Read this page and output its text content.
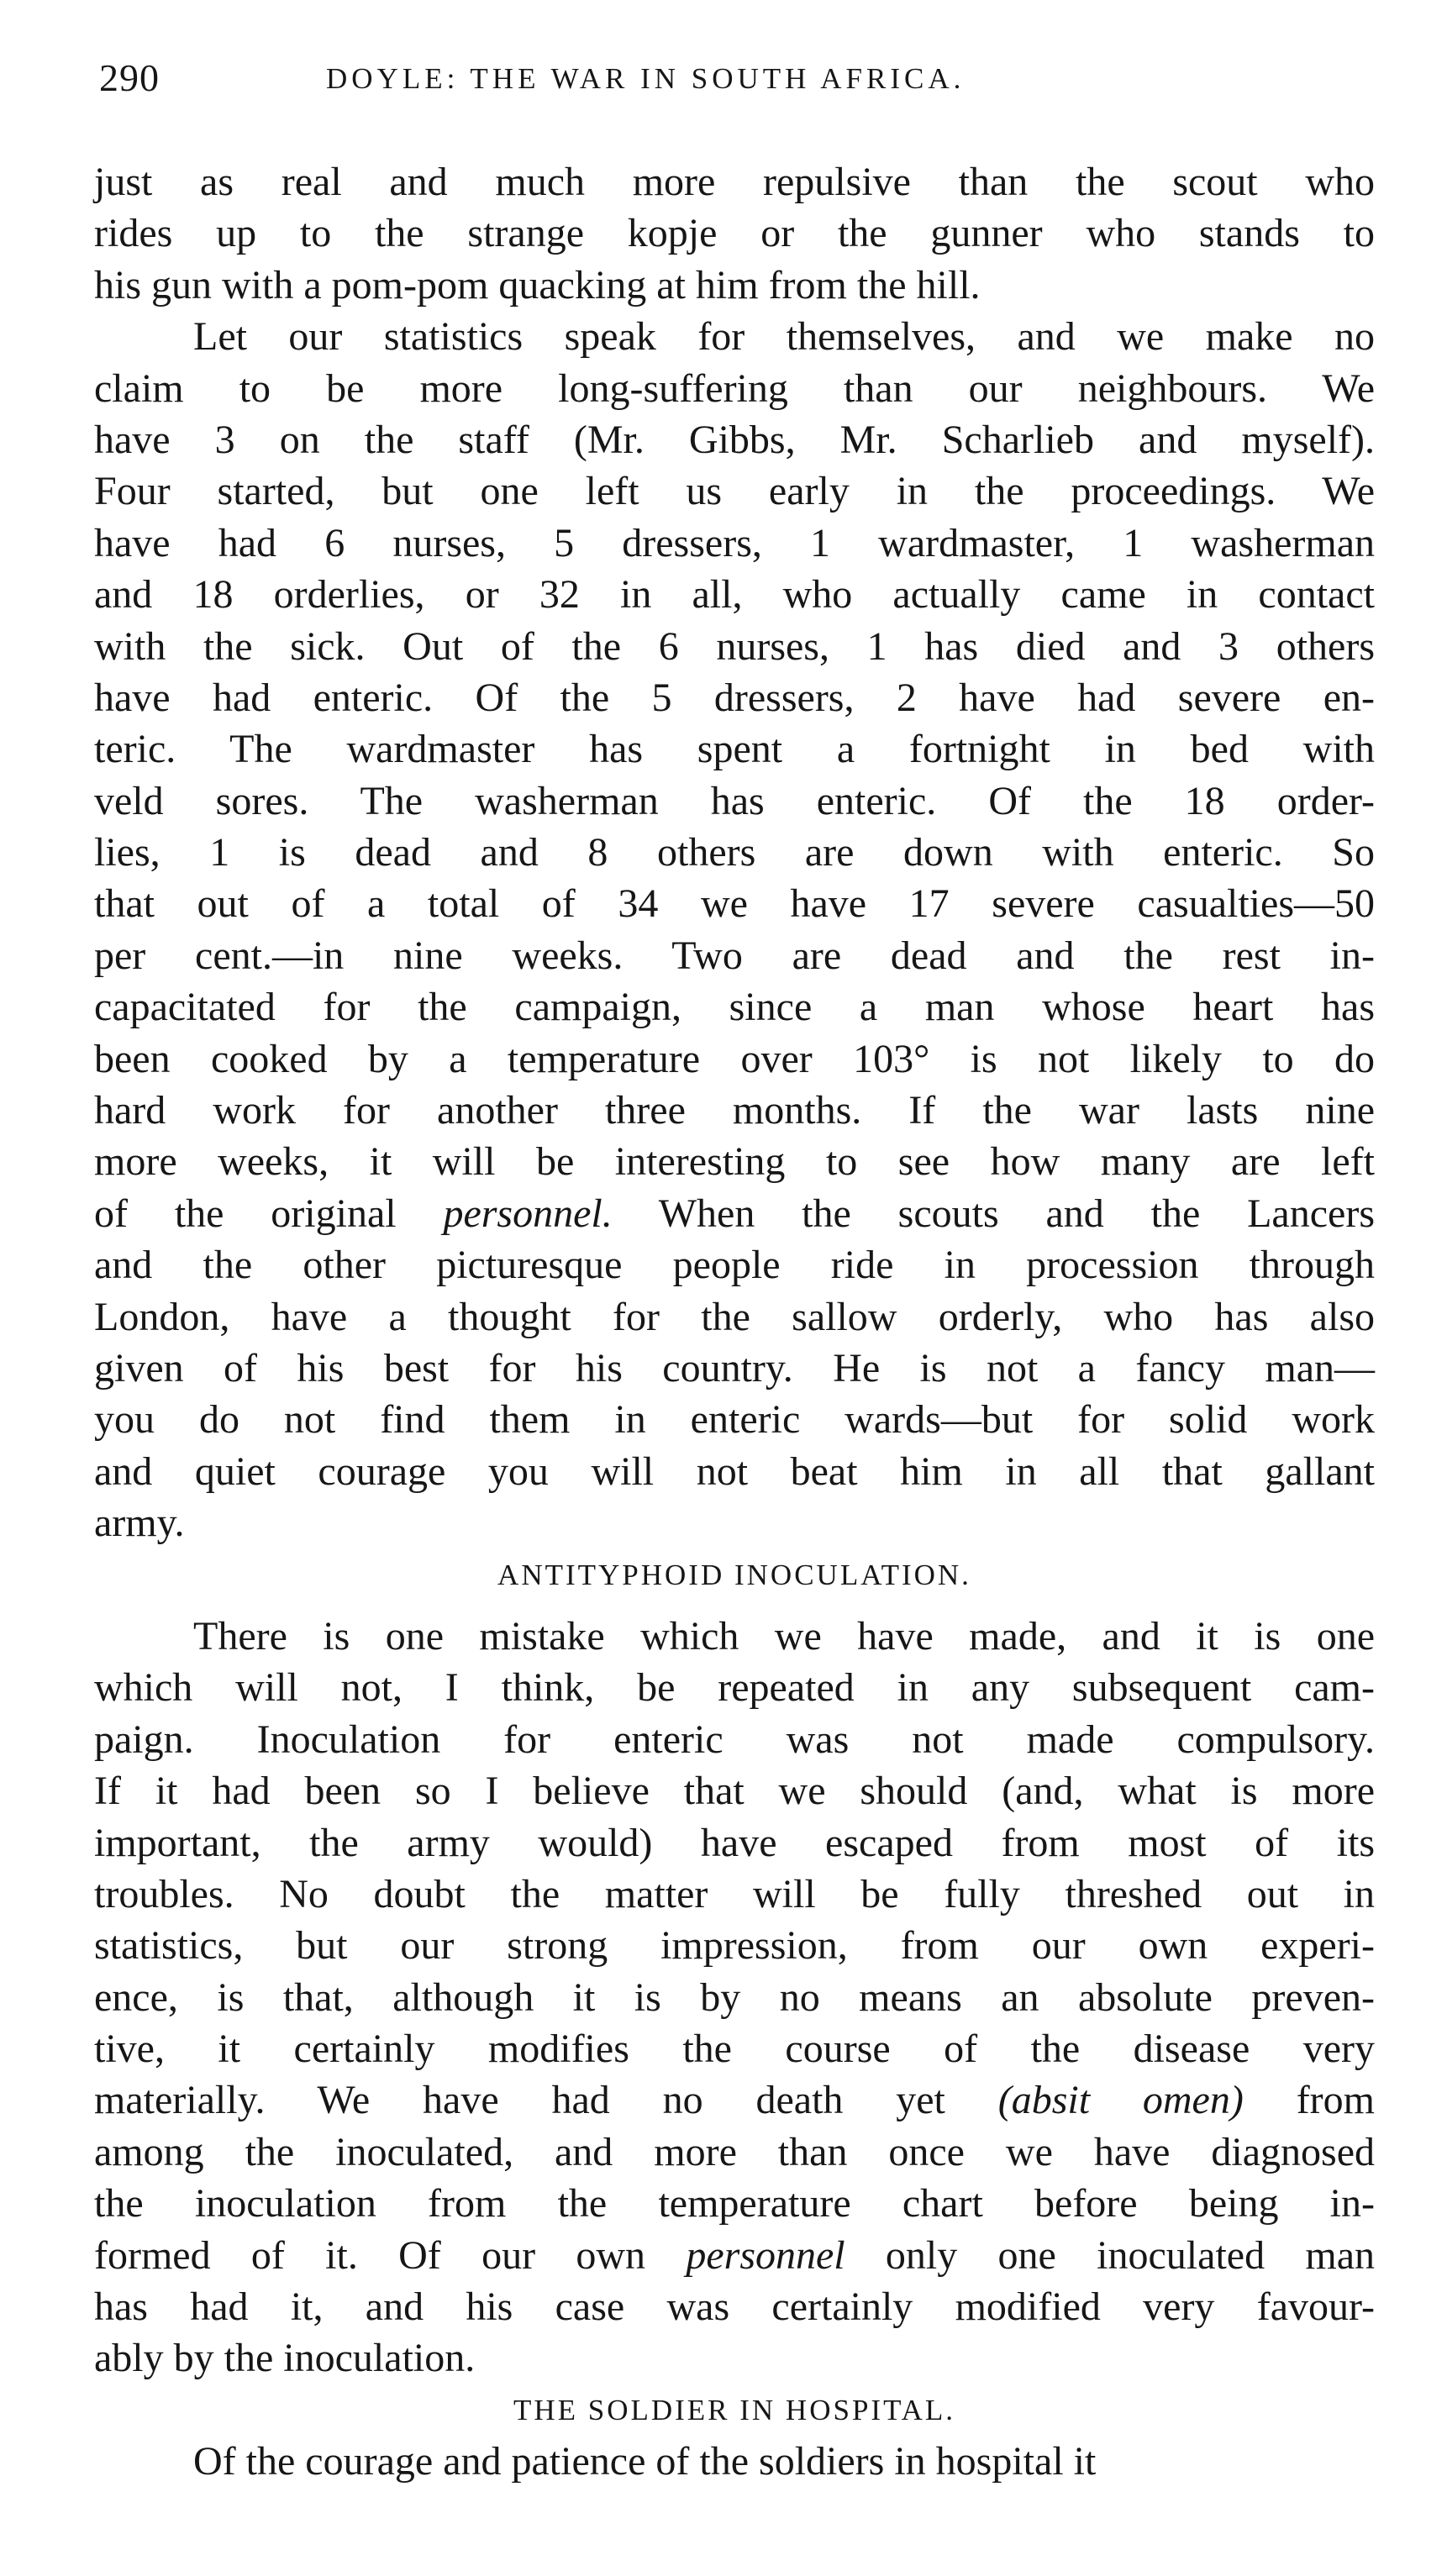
290	DOYLE: THE WAR IN SOUTH AFRICA.
just as real and much more repulsive than the scout who
rides up to the strange kopje or the gunner who stands to
his gun with a pom-pom quacking at him from the hill.
Let our statistics speak for themselves, and we make no
claim to be more long-suffering than our neighbours. We
have 3 on the staff (Mr. Gibbs, Mr. Scharlieb and myself).
Four started, but one left us early in the proceedings. We
have had 6 nurses, 5 dressers, 1 wardmaster, 1 washerman
and 18 orderlies, or 32 in all, who actually came in contact
with the sick. Out of the 6 nurses, 1 has died and 3 others
have had enteric. Of the 5 dressers, 2 have had severe en-
teric. The wardmaster has spent a fortnight in bed with
veld sores. The washerman has enteric. Of the 18 order-
lies, 1 is dead and 8 others are down with enteric. So
that out of a total of 34 we have 17 severe casualties—50
per cent.—in nine weeks. Two are dead and the rest in-
capacitated for the campaign, since a man whose heart has
been cooked by a temperature over 103° is not likely to do
hard work for another three months. If the war lasts nine
more weeks, it will be interesting to see how many are left
of the original personnel. When the scouts and the Lancers
and the other picturesque people ride in procession through
London, have a thought for the sallow orderly, who has also
given of his best for his country. He is not a fancy man—
you do not find them in enteric wards—but for solid work
and quiet courage you will not beat him in all that gallant
army.
ANTITYPHOID INOCULATION.
There is one mistake which we have made, and it is one
which will not, I think, be repeated in any subsequent cam-
paign. Inoculation for enteric was not made compulsory.
If it had been so I believe that we should (and, what is more
important, the army would) have escaped from most of its
troubles. No doubt the matter will be fully threshed out in
statistics, but our strong impression, from our own experi-
ence, is that, although it is by no means an absolute preven-
tive, it certainly modifies the course of the disease very
materially. We have had no death yet (absit omen) from
among the inoculated, and more than once we have diagnosed
the inoculation from the temperature chart before being in-
formed of it. Of our own personnel only one inoculated man
has had it, and his case was certainly modified very favour-
ably by the inoculation.
THE SOLDIER IN HOSPITAL.
Of the courage and patience of the soldiers in hospital it
